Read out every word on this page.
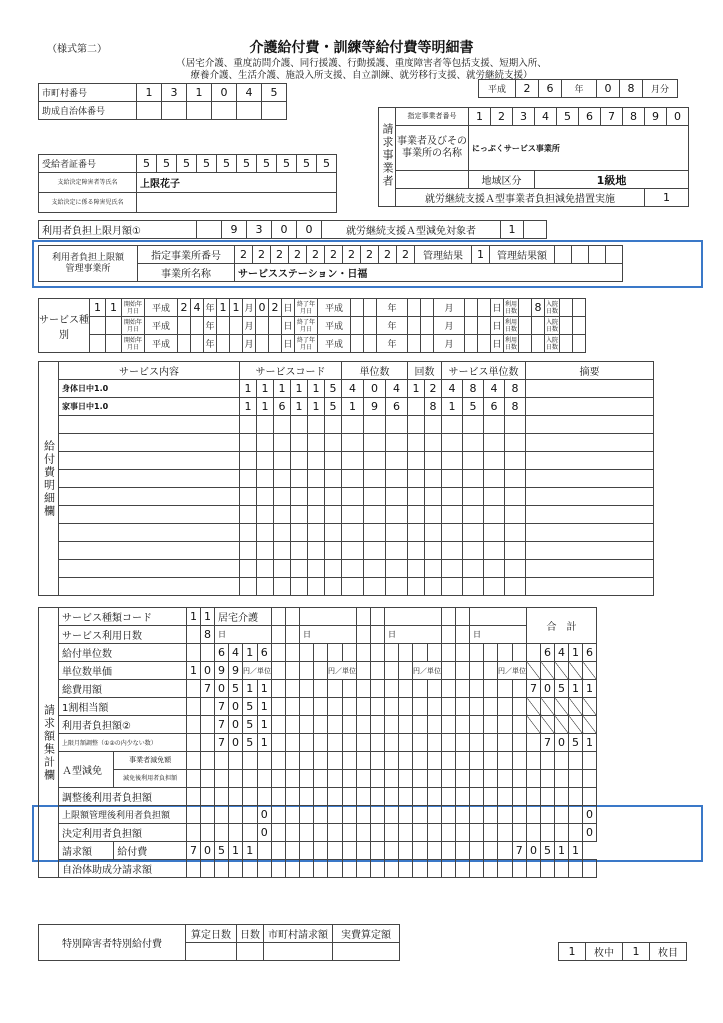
（様式第二）	介護給付費・訓練等給付費等明細書
（居宅介護、重度訪問介護、同行援護、行動援護、重度障害者等包括支援、短期入所、
療養介護、生活介護、施設入所支援、自立訓練、就労移行支援、就労継続支援）
平成	2	6	年	0	8	月分
市町村番号	1	3	1	0	4	5
助成自治体番号						
請求事業者	指定事業者番号	1	2	3	4	5	6	7	8	9	0
	事業者及びその事業所の名称	にっぷくサービス事業所									
		地域区分			1級地						
	就労継続支援Ａ型事業者負担減免措置実施									1	
受給者証番号	5	5	5	5	5	5	5	5	5	5
支給決定障害者等氏名	上限花子									
支給決定に係る障害児氏名										
利用者負担上限月額①		9	3	0	0	就労継続支援Ａ型減免対象者	1	
利用者負担上限額
管理事業所	指定事業所番号	2	2	2	2	2	2	2	2	2	2	管理結果	1	管理結果額				
	事業所名称	サービスステーション・日福																
サービス種別	1	1	開始年月日	平成	2	4	年	1	1	月	0	2	日	終了年月日	平成			年			月			日	利用日数		8	入院日数		
			開始年月日	平成			年			月			日	終了年月日	平成			年			月			日	利用日数			入院日数		
			開始年月日	平成			年			月			日	終了年月日	平成			年			月			日	利用日数			入院日数		
給付費明細欄	サービス内容	サービスコード						単位数			回数		サービス単位数				摘要
	身体日中1.0	1	1	1	1	1	5	4	0	4	1	2	4	8	4	8	
	家事日中1.0	1	1	6	1	1	5	1	9	6		8	1	5	6	8	

請求額集計欄	サービス種類コード		1	1	居宅介護																						合　計				
	サービス利用日数			8	日						日						日						日								
	給付単位数				6	4	1	6																				6	4	1	6
	単位数単価		1	0	9	9	円／単位						円／単位						円／単位						円／単位						
	総費用額			7	0	5	1	1																			7	0	5	1	1
	1割相当額				7	0	5	1																							
	利用者負担額②				7	0	5	1																							
	上限月額調整（①②の内少ない数）				7	0	5	1																				7	0	5	1
	Ａ型減免	事業者減免額																													
		減免後利用者負担額																													
	調整後利用者負担額																														
	上限額管理後利用者負担額							0																							0
	決定利用者負担額							0																							0
	請求額	給付費	7	0	5	1	1																			7	0	5	1	1	
	自治体助成分請求額																														
特別障害者特別給付費	算定日数	日数	市町村請求額	実費算定額

1	枚中	1	枚目
